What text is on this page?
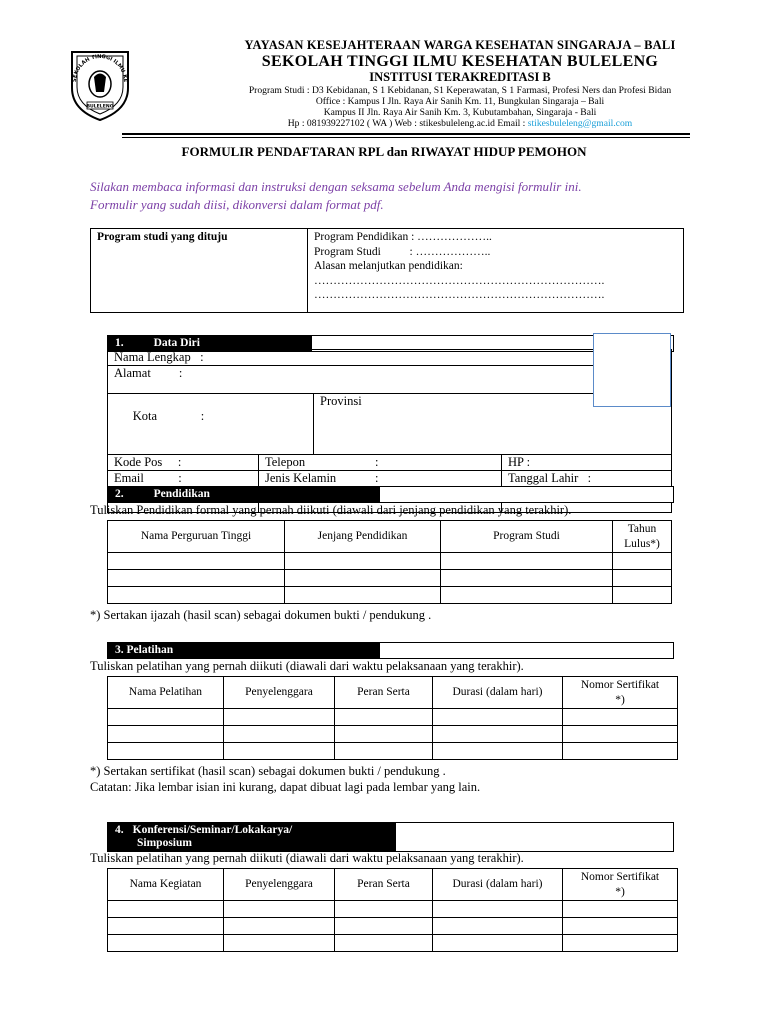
SEKOLAH TINGGI ILMU KE
BULELENG
YAYASAN KESEJAHTERAAN WARGA KESEHATAN SINGARAJA – BALI
SEKOLAH TINGGI ILMU KESEHATAN BULELENG
INSTITUSI TERAKREDITASI B
Program Studi : D3 Kebidanan, S 1 Kebidanan, S1 Keperawatan, S 1 Farmasi, Profesi Ners dan Profesi Bidan
Office : Kampus I Jln. Raya Air Sanih Km. 11, Bungkulan Singaraja – Bali
Kampus II Jln. Raya Air Sanih Km. 3, Kubutambahan, Singaraja - Bali
Hp : 081939227102 ( WA ) Web : stikesbuleleng.ac.id Email : stikesbuleleng@gmail.com
FORMULIR PENDAFTARAN RPL dan RIWAYAT HIDUP PEMOHON
Silakan membaca informasi dan instruksi dengan seksama sebelum Anda mengisi formulir ini.
Formulir yang sudah diisi, dikonversi dalam format pdf.
Program studi yang dituju	Program Pendidikan : ………………..
Program Studi          : ………………..
Alasan melanjutkan pendidikan:
………………………………………………………………….
………………………………………………………………….
1.	Data Diri
Nama Lengkap   :		
Alamat         :		

Kota              :

Provinsi		

Kode Pos     :	Telepon :	HP :
Email           :	Jenis Kelamin :	Tanggal Lahir   :
2.	Pendidikan
Tuliskan Pendidikan formal yang pernah diikuti (diawali dari jenjang pendidikan yang terakhir).
Nama Perguruan Tinggi	Jenjang Pendidikan	Program Studi	Tahun Lulus*)

*) Sertakan ijazah (hasil scan) sebagai dokumen bukti / pendukung .
3. Pelatihan
Tuliskan pelatihan yang pernah diikuti (diawali dari waktu pelaksanaan yang terakhir).
Nama Pelatihan	Penyelenggara	Peran Serta	Durasi (dalam hari)	Nomor Sertifikat *)

*) Sertakan sertifikat (hasil scan) sebagai dokumen bukti / pendukung .
Catatan: Jika lembar isian ini kurang, dapat dibuat lagi pada lembar yang lain.
4. Konferensi/Seminar/Lokakarya/
Simposium
Tuliskan pelatihan yang pernah diikuti (diawali dari waktu pelaksanaan yang terakhir).
Nama Kegiatan	Penyelenggara	Peran Serta	Durasi (dalam hari)	Nomor Sertifikat *)
